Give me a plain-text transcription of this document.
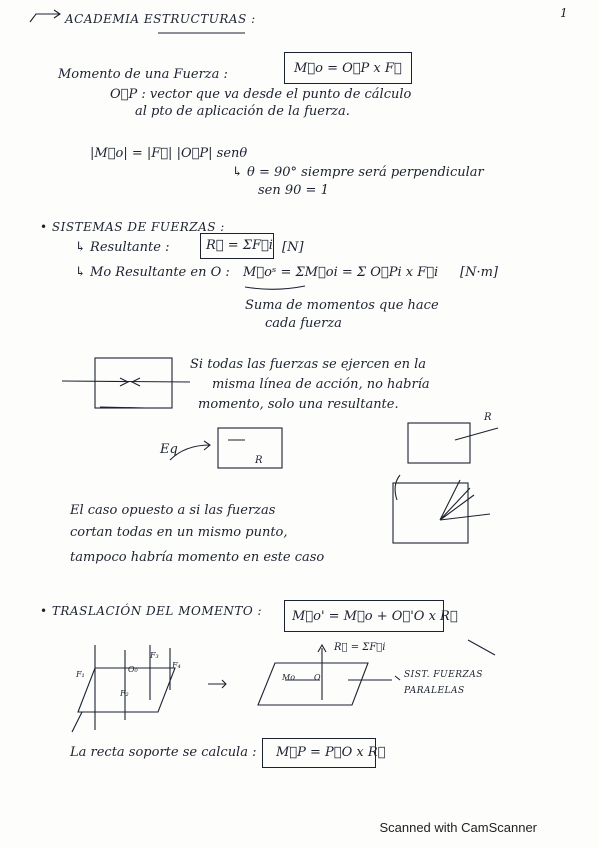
1
ACADEMIA ESTRUCTURAS :
Momento de una Fuerza :	M⃗o = O⃗P x F⃗
O⃗P : vector que va desde el punto de cálculo
al pto de aplicación de la fuerza.
|M⃗o| = |F⃗| |O⃗P| senθ
↳ θ = 90° siempre será perpendicular
sen 90 = 1
• SISTEMAS DE FUERZAS :
↳ Resultante :	R⃗ = ΣF⃗i [N]
↳ Mo Resultante en O : M⃗oˢ = ΣM⃗oi = Σ O⃗Pi x F⃗i [N·m]
Suma de momentos que hace
cada fuerza
Si todas las fuerzas se ejercen en la
misma línea de acción, no habría
momento, solo una resultante.
Eq
R
R
El caso opuesto a si las fuerzas
cortan todas en un mismo punto,
tampoco habría momento en este caso
• TRASLACIÓN DEL MOMENTO : M⃗o' = M⃗o + O⃗'O x R⃗
R⃗ = ΣF⃗i
F₁
F₂
F₃
F₄
O₀
Mo O	SIST. FUERZAS
PARALELAS
La recta soporte se calcula : M⃗P = P⃗O x R⃗
Scanned with CamScanner
